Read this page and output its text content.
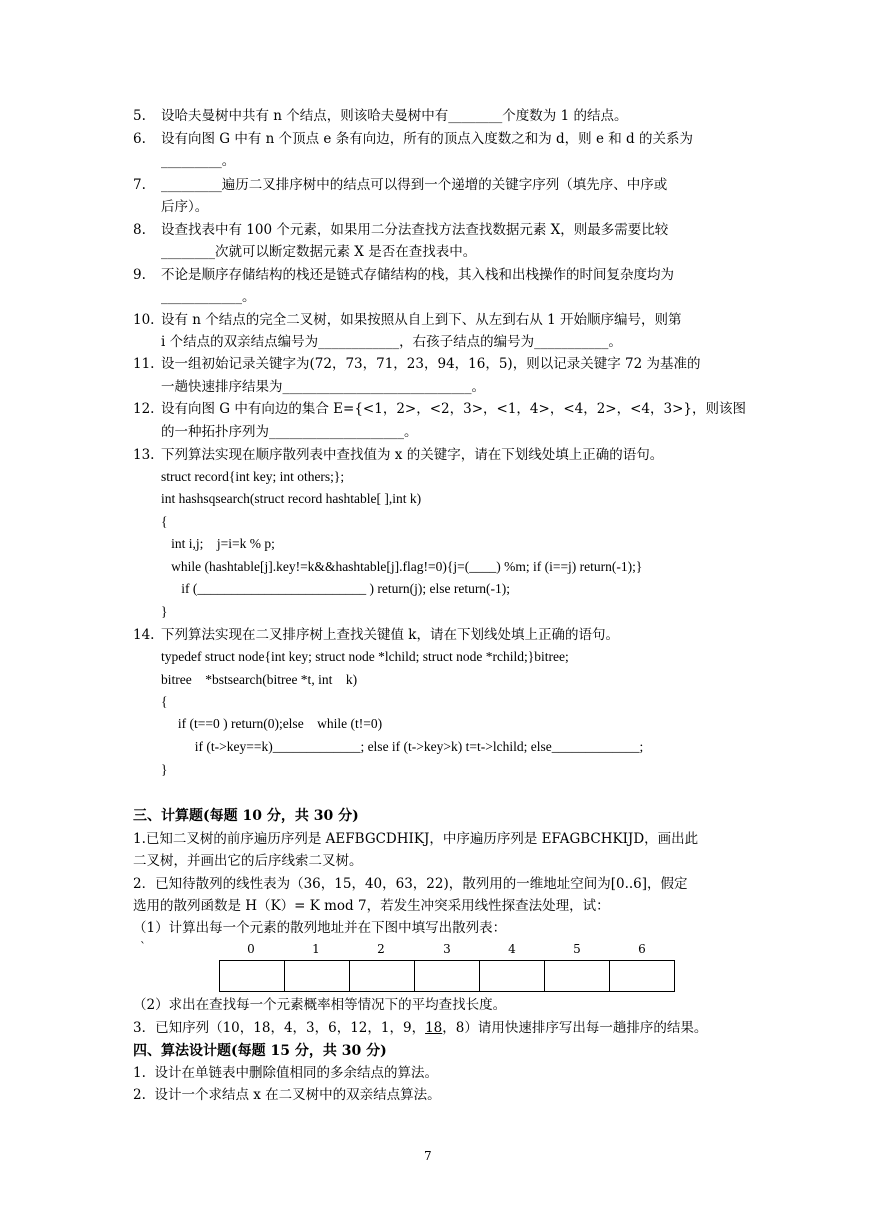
5. 设哈夫曼树中共有 n 个结点，则该哈夫曼树中有________个度数为 1 的结点。
6. 设有向图 G 中有 n 个顶点 e 条有向边，所有的顶点入度数之和为 d，则 e 和 d 的关系为
_________。
7. _________遍历二叉排序树中的结点可以得到一个递增的关键字序列（填先序、中序或
后序）。
8. 设查找表中有 100 个元素，如果用二分法查找方法查找数据元素 X，则最多需要比较
________次就可以断定数据元素 X 是否在查找表中。
9. 不论是顺序存储结构的栈还是链式存储结构的栈，其入栈和出栈操作的时间复杂度均为
____________。
10. 设有 n 个结点的完全二叉树，如果按照从自上到下、从左到右从 1 开始顺序编号，则第
i 个结点的双亲结点编号为____________，右孩子结点的编号为___________。
11. 设一组初始记录关键字为(72，73，71，23，94，16，5)，则以记录关键字 72 为基准的
一趟快速排序结果为____________________________。
12. 设有向图 G 中有向边的集合 E={<1，2>，<2，3>，<1，4>，<4，2>，<4，3>}，则该图
的一种拓扑序列为____________________。
13. 下列算法实现在顺序散列表中查找值为 x 的关键字，请在下划线处填上正确的语句。
struct record{int key; int others;};
int hashsqsearch(struct record hashtable[ ],int k)
{
int i,j;    j=i=k % p;
while (hashtable[j].key!=k&&hashtable[j].flag!=0){j=(____) %m; if (i==j) return(-1);}
if (_________________________ ) return(j); else return(-1);
}
14. 下列算法实现在二叉排序树上查找关键值 k，请在下划线处填上正确的语句。
typedef struct node{int key; struct node *lchild; struct node *rchild;}bitree;
bitree    *bstsearch(bitree *t, int    k)
{
if (t==0 ) return(0);else    while (t!=0)
if (t->key==k)_____________; else if (t->key>k) t=t->lchild; else_____________;
}
三、计算题(每题 10 分，共 30 分)
1.已知二叉树的前序遍历序列是 AEFBGCDHIKJ，中序遍历序列是 EFAGBCHKIJD，画出此
二叉树，并画出它的后序线索二叉树。
2．已知待散列的线性表为（36，15，40，63，22)，散列用的一维地址空间为[0..6]，假定
选用的散列函数是 H（K）= K mod 7，若发生冲突采用线性探查法处理，试：
（1）计算出每一个元素的散列地址并在下图中填写出散列表：
`	0	1	2	3	4	5	6

（2）求出在查找每一个元素概率相等情况下的平均查找长度。
3．已知序列（10，18，4，3，6，12，1，9，18，8）请用快速排序写出每一趟排序的结果。
四、算法设计题(每题 15 分，共 30 分)
1.  设计在单链表中删除值相同的多余结点的算法。
2.  设计一个求结点 x 在二叉树中的双亲结点算法。
7
